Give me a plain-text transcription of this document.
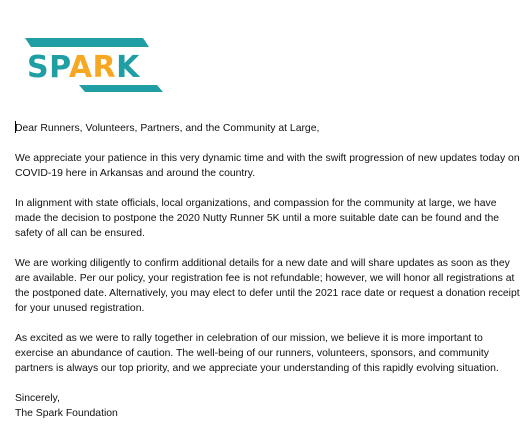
SPARK

Dear Runners, Volunteers, Partners, and the Community at Large,

We appreciate your patience in this very dynamic time and with the swift progression of new updates today on COVID-19 here in Arkansas and around the country.

In alignment with state officials, local organizations, and compassion for the community at large, we have made the decision to postpone the 2020 Nutty Runner 5K until a more suitable date can be found and the safety of all can be ensured.

We are working diligently to confirm additional details for a new date and will share updates as soon as they are available. Per our policy, your registration fee is not refundable; however, we will honor all registrations at the postponed date. Alternatively, you may elect to defer until the 2021 race date or request a donation receipt for your unused registration.

As excited as we were to rally together in celebration of our mission, we believe it is more important to exercise an abundance of caution. The well-being of our runners, volunteers, sponsors, and community partners is always our top priority, and we appreciate your understanding of this rapidly evolving situation.

Sincerely,

The Spark Foundation
